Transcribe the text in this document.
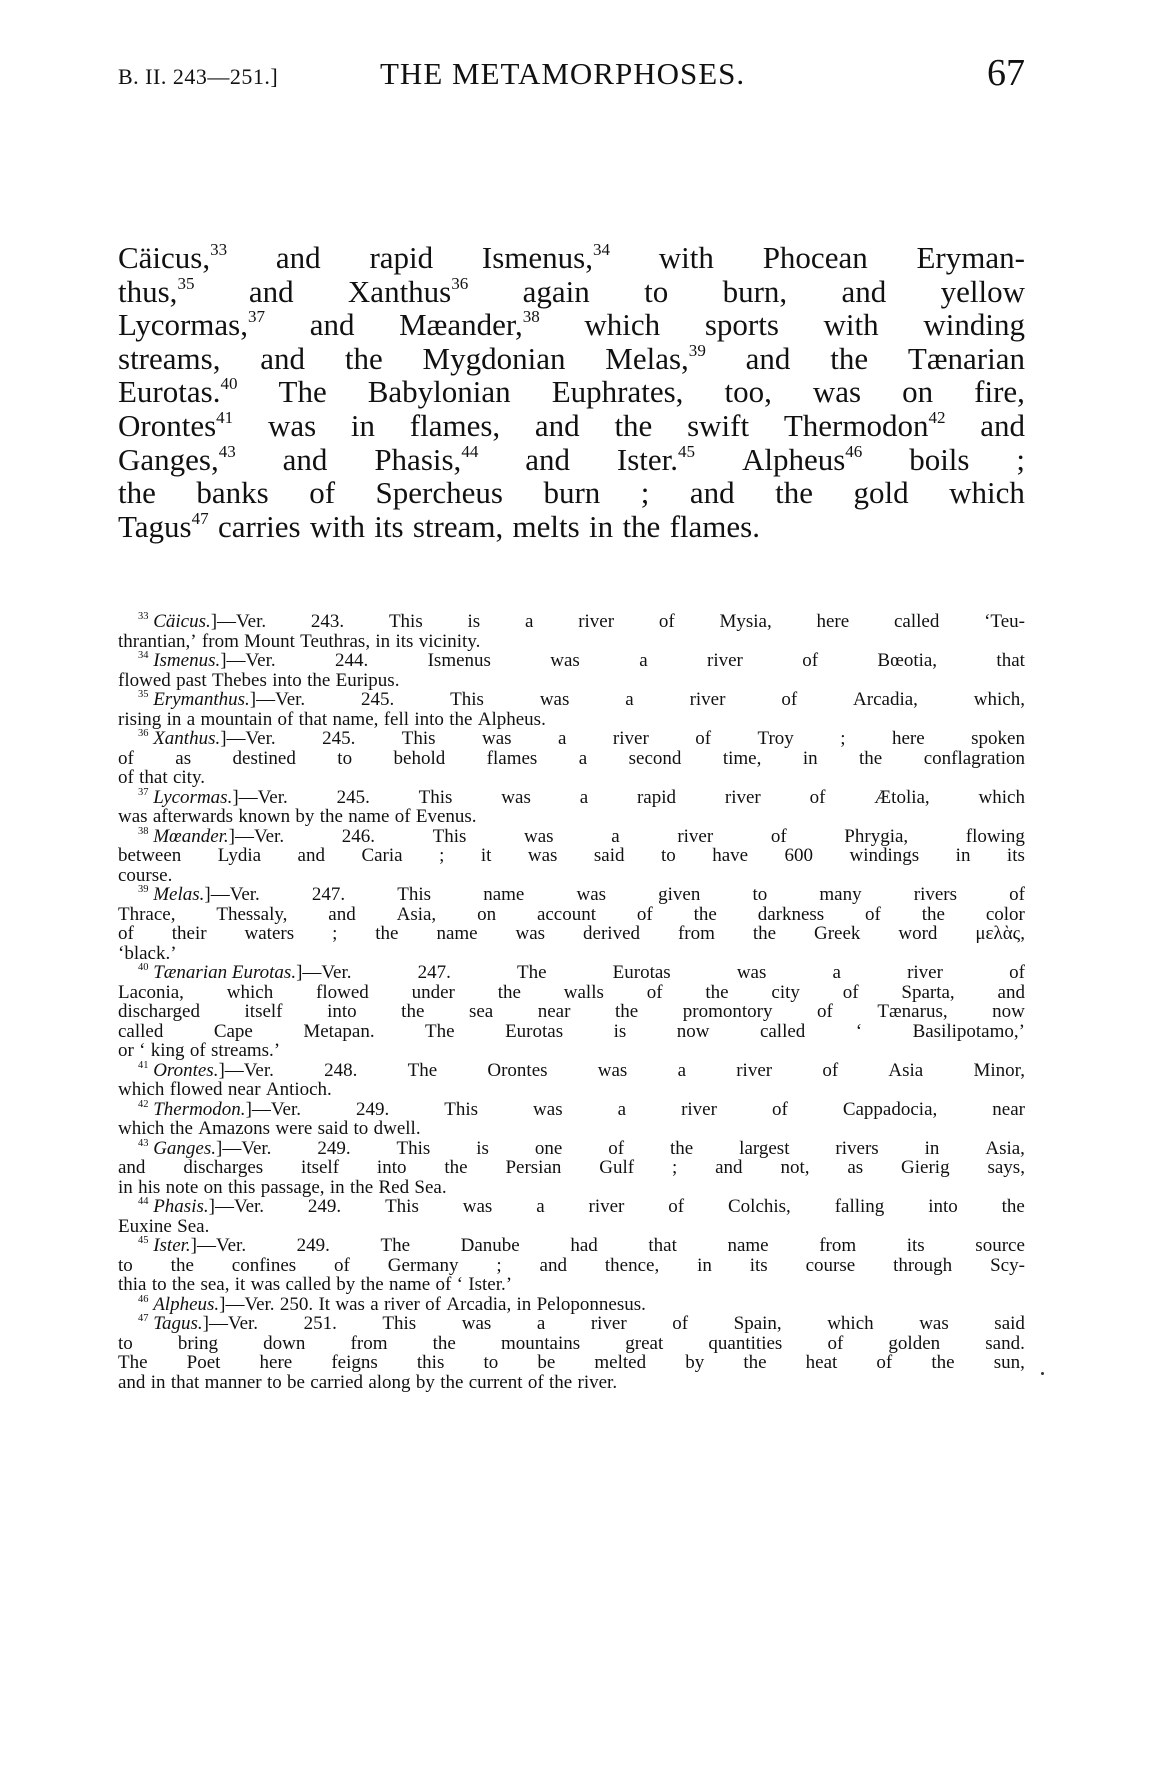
B. II. 243—251.]	THE METAMORPHOSES.	67
Cäicus,$^{33}$ and rapid Ismenus,$^{34}$ with Phocean Eryman-
thus,$^{35}$ and Xanthus$^{36}$ again to burn, and yellow
Lycormas,$^{37}$ and Mæander,$^{38}$ which sports with winding
streams, and the Mygdonian Melas,$^{39}$ and the Tænarian
Eurotas.$^{40}$ The Babylonian Euphrates, too, was on fire,
Orontes$^{41}$ was in flames, and the swift Thermodon$^{42}$ and
Ganges,$^{43}$ and Phasis,$^{44}$ and Ister.$^{45}$ Alpheus$^{46}$ boils ;
the banks of Spercheus burn ; and the gold which
Tagus$^{47}$ carries with its stream, melts in the flames.
$^{33}$ Cäicus.]—Ver. 243. This is a river of Mysia, here called ‘Teu-
thrantian,’ from Mount Teuthras, in its vicinity.
$^{34}$ Ismenus.]—Ver.	244.	Ismenus	was	a	river	of	Bœotia,	that
flowed past Thebes into the Euripus.
$^{35}$ Erymanthus.]—Ver.	245.	This	was	a	river	of	Arcadia,	which,
rising in a mountain of that name, fell into the Alpheus.
$^{36}$ Xanthus.]—Ver. 245. This was a river of Troy ; here spoken
of as destined to behold flames a second time, in the conflagration
of that city.
$^{37}$ Lycormas.]—Ver.	245.	This	was	a	rapid	river	of	Ætolia,	which
was afterwards known by the name of Evenus.
$^{38}$ Mœander.]—Ver.	246.	This	was	a	river	of	Phrygia,	flowing
between Lydia and Caria ; it was said to have 600 windings in its
course.
$^{39}$ Melas.]—Ver.	247.	This	name	was	given	to	many	rivers	of
Thrace, Thessaly, and Asia, on account of the darkness of the color
of their waters ; the name was derived from the Greek word μελὰς,
‘black.’
$^{40}$ Tænarian Eurotas.]—Ver.	247.	The	Eurotas	was	a	river	of
Laconia, which flowed under the walls of the city of Sparta, and
discharged itself into the sea near the promontory of Tænarus, now
called	Cape	Metapan.	The	Eurotas	is	now	called	‘	Basilipotamo,’
or ‘ king of streams.’
$^{41}$ Orontes.]—Ver.	248.	The	Orontes	was	a	river	of	Asia	Minor,
which flowed near Antioch.
$^{42}$ Thermodon.]—Ver.	249.	This	was	a	river	of	Cappadocia,	near
which the Amazons were said to dwell.
$^{43}$ Ganges.]—Ver. 249. This is one of the largest rivers in Asia,
and discharges itself into the Persian Gulf ; and not, as Gierig says,
in his note on this passage, in the Red Sea.
$^{44}$ Phasis.]—Ver. 249. This was a river of Colchis, falling into the
Euxine Sea.
$^{45}$ Ister.]—Ver.	249.	The	Danube	had	that	name	from	its	source
to the confines of Germany ; and thence, in its course through Scy-
thia to the sea, it was called by the name of ‘ Ister.’
$^{46}$ Alpheus.]—Ver. 250. It was a river of Arcadia, in Peloponnesus.
$^{47}$ Tagus.]—Ver. 251. This was a river of Spain, which was said
to bring down from the mountains great quantities of golden sand.
The Poet here feigns this to be melted by the heat of the sun,
and in that manner to be carried along by the current of the river.
